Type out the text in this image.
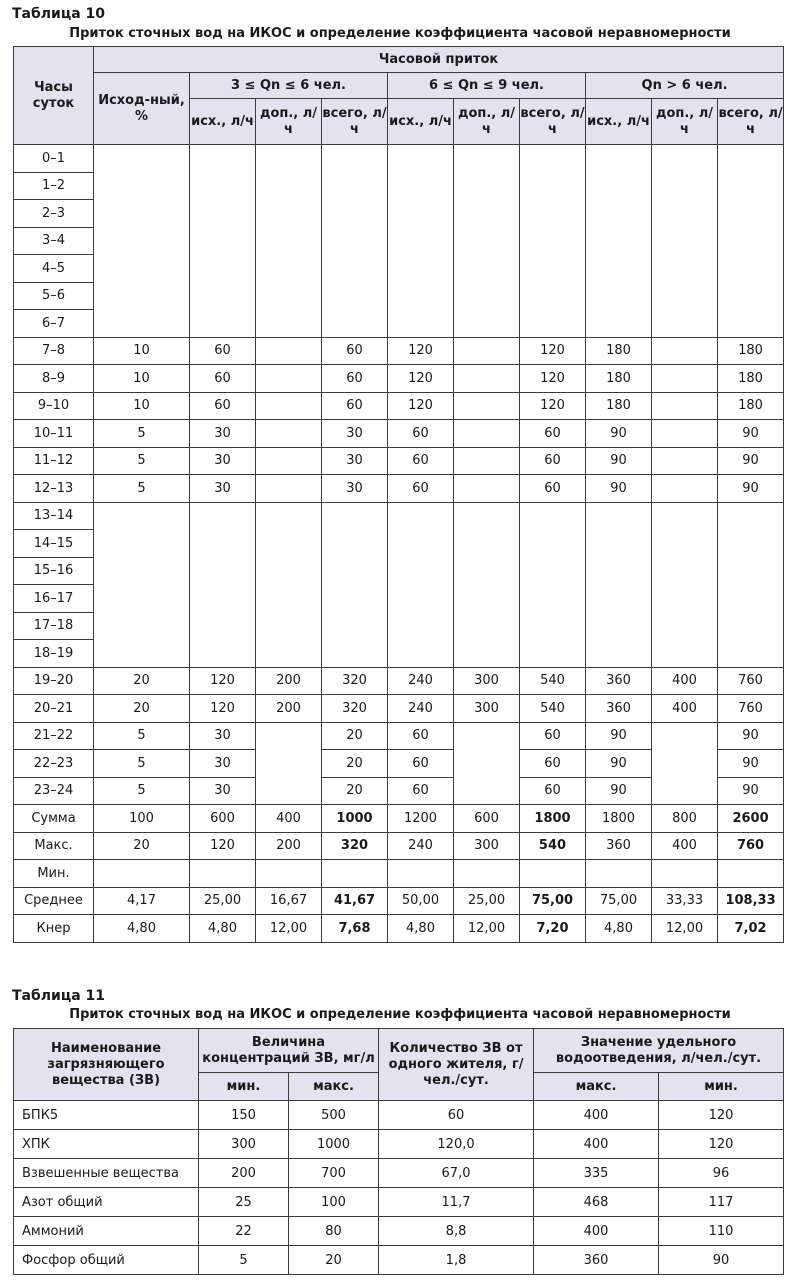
Таблица 10
Приток сточных вод на ИКОС и определение коэффициента часовой неравномерности
Часы суток	Часовой приток									
	Исход-ный, %	3 ≤ Qn ≤ 6 чел.			6 ≤ Qn ≤ 9 чел.			Qn > 6 чел.		
		исх., л/ч	доп., л/ч	всего, л/ч	исх., л/ч	доп., л/ч	всего, л/ч	исх., л/ч	доп., л/ч	всего, л/ч
0–1										
1–2										
2–3										
3–4										
4–5										
5–6										
6–7										
7–8	10	60		60	120		120	180		180
8–9	10	60		60	120		120	180		180
9–10	10	60		60	120		120	180		180
10–11	5	30		30	60		60	90		90
11–12	5	30		30	60		60	90		90
12–13	5	30		30	60		60	90		90
13–14										
14–15										
15–16										
16–17										
17–18										
18–19										
19–20	20	120	200	320	240	300	540	360	400	760
20–21	20	120	200	320	240	300	540	360	400	760
21–22	5	30		20	60		60	90		90
22–23	5	30		20	60		60	90		90
23–24	5	30		20	60		60	90		90
Сумма	100	600	400	1000	1200	600	1800	1800	800	2600
Макс.	20	120	200	320	240	300	540	360	400	760
Мин.										
Среднее	4,17	25,00	16,67	41,67	50,00	25,00	75,00	75,00	33,33	108,33
Кнер	4,80	4,80	12,00	7,68	4,80	12,00	7,20	4,80	12,00	7,02
Таблица 11
Приток сточных вод на ИКОС и определение коэффициента часовой неравномерности
Наименование загрязняющего вещества (ЗВ)	Величина концентраций ЗВ, мг/л		Количество ЗВ от одного жителя, г/чел./сут.	Значение удельного водоотведения, л/чел./сут.	
	мин.	макс.		макс.	мин.
БПК5	150	500	60	400	120
ХПК	300	1000	120,0	400	120
Взвешенные вещества	200	700	67,0	335	96
Азот общий	25	100	11,7	468	117
Аммоний	22	80	8,8	400	110
Фосфор общий	5	20	1,8	360	90
